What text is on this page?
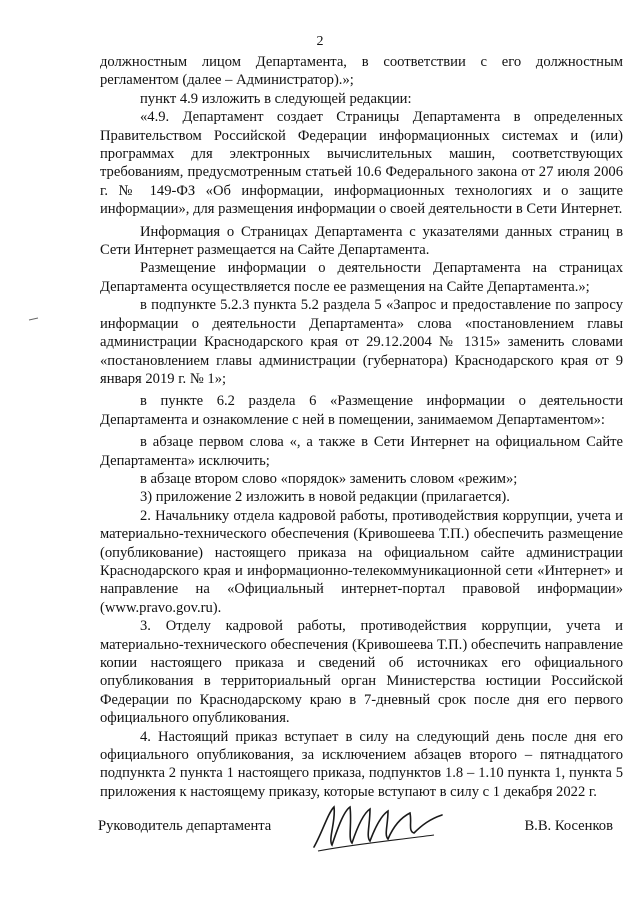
2

должностным лицом Департамента, в соответствии с его должностным регламентом (далее – Администратор).»;

пункт 4.9 изложить в следующей редакции:

«4.9. Департамент создает Страницы Департамента в определенных Правительством Российской Федерации информационных системах и (или) программах для электронных вычислительных машин, соответствующих требованиям, предусмотренным статьей 10.6 Федерального закона от 27 июля 2006 г. № 149-ФЗ «Об информации, информационных технологиях и о защите информации», для размещения информации о своей деятельности в Сети Интернет.

Информация о Страницах Департамента с указателями данных страниц в Сети Интернет размещается на Сайте Департамента.

Размещение информации о деятельности Департамента на страницах Департамента осуществляется после ее размещения на Сайте Департамента.»;

в подпункте 5.2.3 пункта 5.2 раздела 5 «Запрос и предоставление по запросу информации о деятельности Департамента» слова «постановлением главы администрации Краснодарского края от 29.12.2004 № 1315» заменить словами «постановлением главы администрации (губернатора) Краснодарского края от 9 января 2019 г. № 1»;

в пункте 6.2 раздела 6 «Размещение информации о деятельности Департамента и ознакомление с ней в помещении, занимаемом Департаментом»:

в абзаце первом слова «, а также в Сети Интернет на официальном Сайте Департамента» исключить;

в абзаце втором слово «порядок» заменить словом «режим»;

3) приложение 2 изложить в новой редакции (прилагается).

2. Начальнику отдела кадровой работы, противодействия коррупции, учета и материально-технического обеспечения (Кривошеева Т.П.) обеспечить размещение (опубликование) настоящего приказа на официальном сайте администрации Краснодарского края и информационно-телекоммуникационной сети «Интернет» и направление на «Официальный интернет-портал правовой информации» (www.pravo.gov.ru).

3. Отделу кадровой работы, противодействия коррупции, учета и материально-технического обеспечения (Кривошеева Т.П.) обеспечить направление копии настоящего приказа и сведений об источниках его официального опубликования в территориальный орган Министерства юстиции Российской Федерации по Краснодарскому краю в 7-дневный срок после дня его первого официального опубликования.

4. Настоящий приказ вступает в силу на следующий день после дня его официального опубликования, за исключением абзацев второго – пятнадцатого подпункта 2 пункта 1 настоящего приказа, подпунктов 1.8 – 1.10 пункта 1, пункта 5 приложения к настоящему приказу, которые вступают в силу с 1 декабря 2022 г.

Руководитель департамента	В.В. Косенков
